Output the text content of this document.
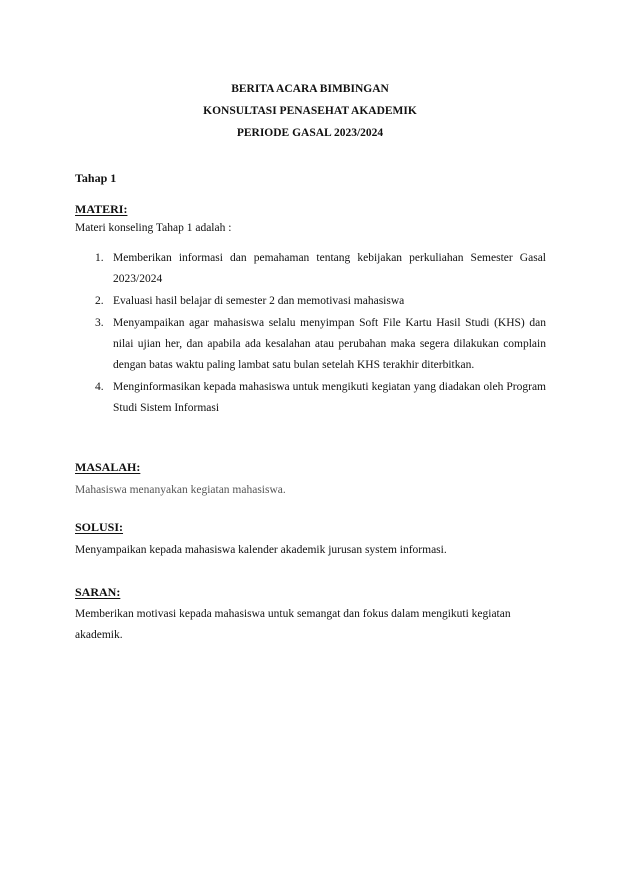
BERITA ACARA BIMBINGAN
KONSULTASI PENASEHAT AKADEMIK
PERIODE GASAL 2023/2024
Tahap 1
MATERI:
Materi konseling Tahap 1 adalah :
1. Memberikan informasi dan pemahaman tentang kebijakan perkuliahan Semester Gasal 2023/2024
2. Evaluasi hasil belajar di semester 2 dan memotivasi mahasiswa
3. Menyampaikan agar mahasiswa selalu menyimpan Soft File Kartu Hasil Studi (KHS) dan nilai ujian her, dan apabila ada kesalahan atau perubahan maka segera dilakukan complain dengan batas waktu paling lambat satu bulan setelah KHS terakhir diterbitkan.
4. Menginformasikan kepada mahasiswa untuk mengikuti kegiatan yang diadakan oleh Program Studi Sistem Informasi
MASALAH:
Mahasiswa menanyakan kegiatan mahasiswa.
SOLUSI:
Menyampaikan kepada mahasiswa kalender akademik jurusan system informasi.
SARAN:
Memberikan motivasi kepada mahasiswa untuk semangat dan fokus dalam mengikuti kegiatan akademik.
